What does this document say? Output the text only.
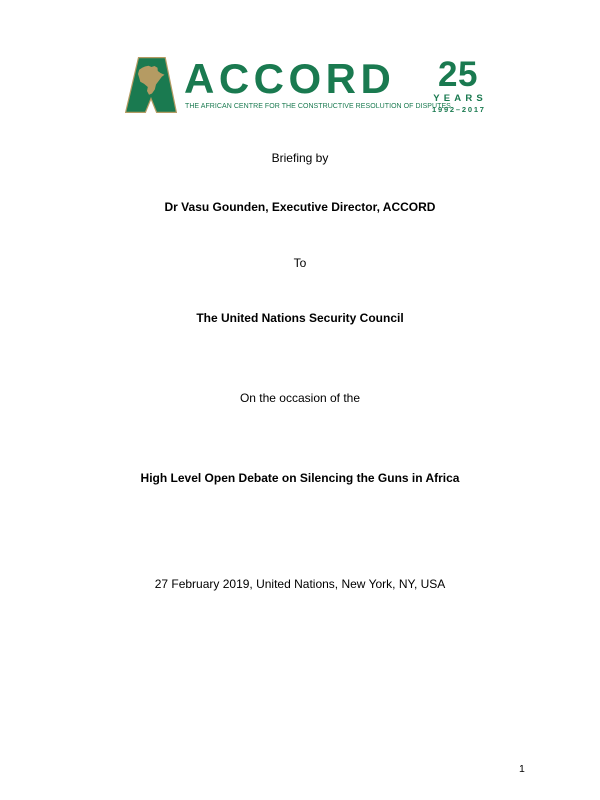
ACCORD
THE AFRICAN CENTRE FOR THE CONSTRUCTIVE RESOLUTION OF DISPUTES
25
YEARS
1992–2017
Briefing by
Dr Vasu Gounden, Executive Director, ACCORD
To
The United Nations Security Council
On the occasion of the
High Level Open Debate on Silencing the Guns in Africa
27 February 2019, United Nations, New York, NY, USA
1
